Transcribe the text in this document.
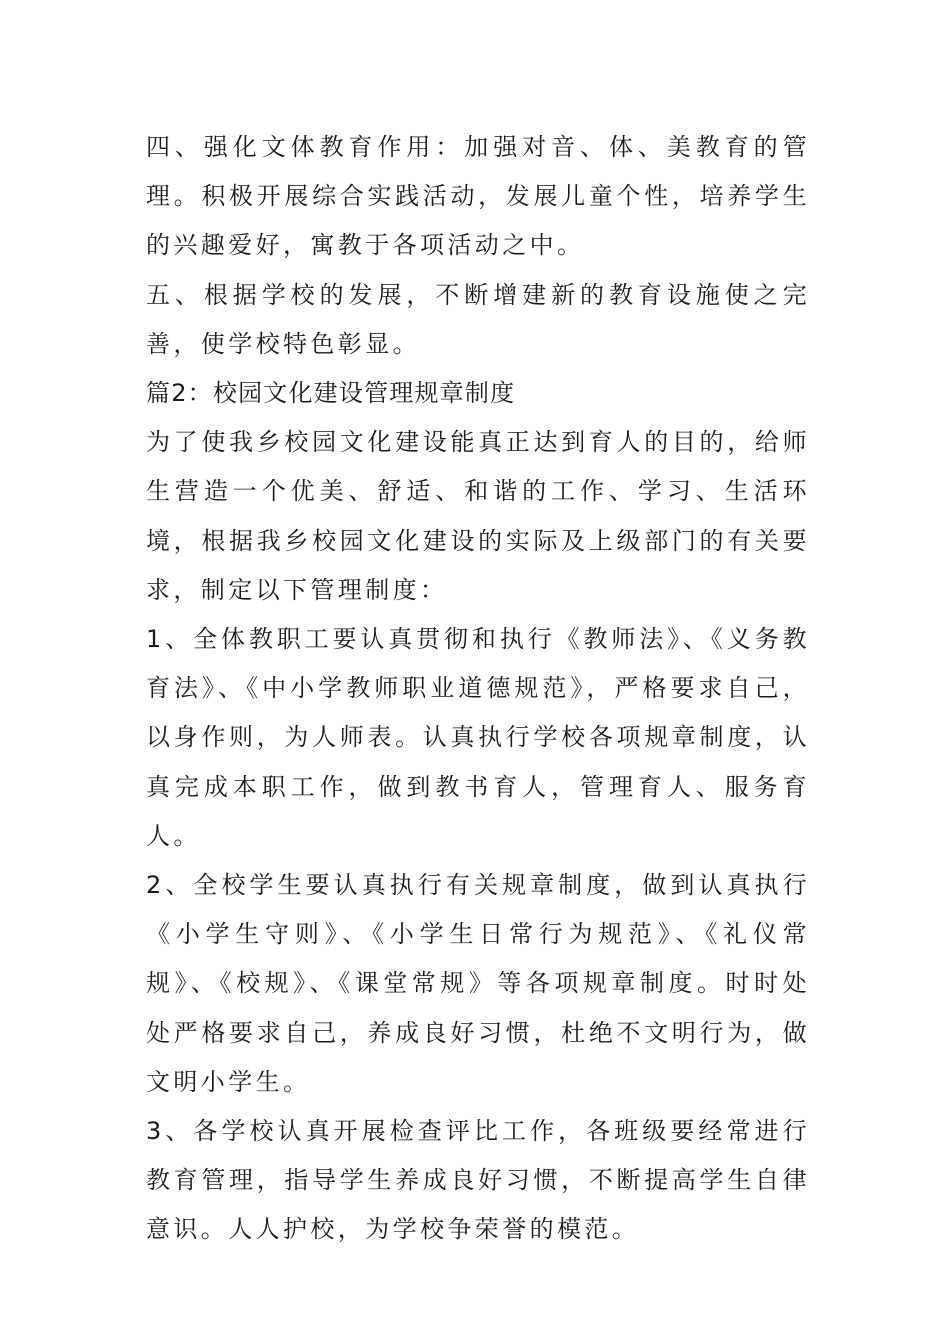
四、强化文体教育作用：加强对音、体、美教育的管理。积极开展综合实践活动，发展儿童个性，培养学生的兴趣爱好，寓教于各项活动之中。

五、根据学校的发展，不断增建新的教育设施使之完善，使学校特色彰显。

篇2：校园文化建设管理规章制度

为了使我乡校园文化建设能真正达到育人的目的，给师生营造一个优美、舒适、和谐的工作、学习、生活环境，根据我乡校园文化建设的实际及上级部门的有关要求，制定以下管理制度：

1、全体教职工要认真贯彻和执行《教师法》、《义务教育法》、《中小学教师职业道德规范》，严格要求自己，以身作则，为人师表。认真执行学校各项规章制度，认真完成本职工作，做到教书育人，管理育人、服务育人。

2、全校学生要认真执行有关规章制度，做到认真执行《小学生守则》、《小学生日常行为规范》、《礼仪常规》、《校规》、《课堂常规》等各项规章制度。时时处处严格要求自己，养成良好习惯，杜绝不文明行为，做文明小学生。

3、各学校认真开展检查评比工作，各班级要经常进行教育管理，指导学生养成良好习惯，不断提高学生自律意识。人人护校，为学校争荣誉的模范。
